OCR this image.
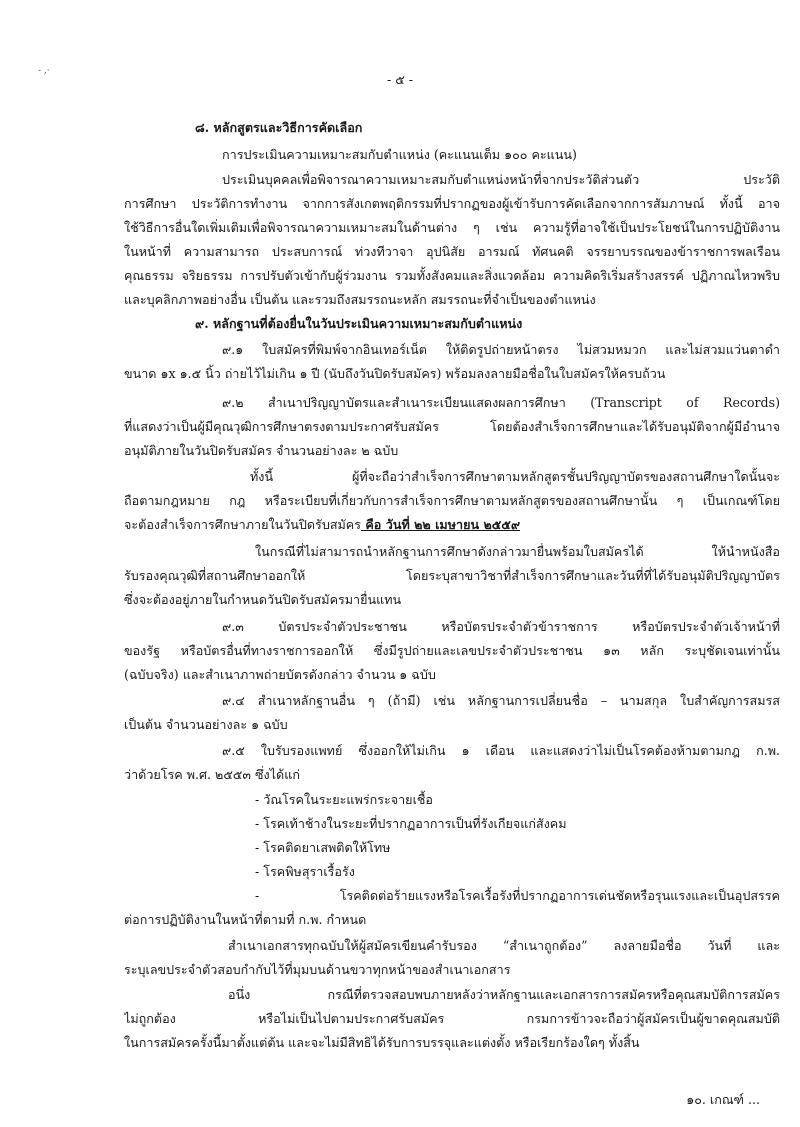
- ,·
- ๕ -
๘. หลักสูตรและวิธีการคัดเลือก
การประเมินความเหมาะสมกับตำแหน่ง (คะแนนเต็ม ๑๐๐ คะแนน)
ประเมินบุคคลเพื่อพิจารณาความเหมาะสมกับตำแหน่งหน้าที่จากประวัติส่วนตัว ประวัติ
การศึกษา ประวัติการทำงาน จากการสังเกตพฤติกรรมที่ปรากฏของผู้เข้ารับการคัดเลือกจากการสัมภาษณ์ ทั้งนี้ อาจ
ใช้วิธีการอื่นใดเพิ่มเติมเพื่อพิจารณาความเหมาะสมในด้านต่าง ๆ เช่น ความรู้ที่อาจใช้เป็นประโยชน์ในการปฏิบัติงาน
ในหน้าที่ ความสามารถ ประสบการณ์ ท่วงทีวาจา อุปนิสัย อารมณ์ ทัศนคติ จรรยาบรรณของข้าราชการพลเรือน
คุณธรรม จริยธรรม การปรับตัวเข้ากับผู้ร่วมงาน รวมทั้งสังคมและสิ่งแวดล้อม ความคิดริเริ่มสร้างสรรค์ ปฏิภาณไหวพริบ
และบุคลิกภาพอย่างอื่น เป็นต้น และรวมถึงสมรรถนะหลัก สมรรถนะที่จำเป็นของตำแหน่ง
๙. หลักฐานที่ต้องยื่นในวันประเมินความเหมาะสมกับตำแหน่ง
๙.๑ ใบสมัครที่พิมพ์จากอินเทอร์เน็ต ให้ติดรูปถ่ายหน้าตรง ไม่สวมหมวก และไม่สวมแว่นตาดำ
ขนาด ๑x ๑.๕ นิ้ว ถ่ายไว้ไม่เกิน ๑ ปี (นับถึงวันปิดรับสมัคร) พร้อมลงลายมือชื่อในใบสมัครให้ครบถ้วน
๙.๒ สำเนาปริญญาบัตรและสำเนาระเบียนแสดงผลการศึกษา (Transcript of Records)
ที่แสดงว่าเป็นผู้มีคุณวุฒิการศึกษาตรงตามประกาศรับสมัคร โดยต้องสำเร็จการศึกษาและได้รับอนุมัติจากผู้มีอำนาจ
อนุมัติภายในวันปิดรับสมัคร จำนวนอย่างละ ๒ ฉบับ
ทั้งนี้ ผู้ที่จะถือว่าสำเร็จการศึกษาตามหลักสูตรชั้นปริญญาบัตรของสถานศึกษาใดนั้นจะ
ถือตามกฎหมาย กฎ หรือระเบียบที่เกี่ยวกับการสำเร็จการศึกษาตามหลักสูตรของสถานศึกษานั้น ๆ เป็นเกณฑ์โดย
จะต้องสำเร็จการศึกษาภายในวันปิดรับสมัคร คือ วันที่ ๒๒ เมษายน ๒๕๕๙
ในกรณีที่ไม่สามารถนำหลักฐานการศึกษาดังกล่าวมายื่นพร้อมใบสมัครได้ ให้นำหนังสือ
รับรองคุณวุฒิที่สถานศึกษาออกให้ โดยระบุสาขาวิชาที่สำเร็จการศึกษาและวันที่ที่ได้รับอนุมัติปริญญาบัตร
ซึ่งจะต้องอยู่ภายในกำหนดวันปิดรับสมัครมายื่นแทน
๙.๓ บัตรประจำตัวประชาชน หรือบัตรประจำตัวข้าราชการ หรือบัตรประจำตัวเจ้าหน้าที่
ของรัฐ หรือบัตรอื่นที่ทางราชการออกให้ ซึ่งมีรูปถ่ายและเลขประจำตัวประชาชน ๑๓ หลัก ระบุชัดเจนเท่านั้น
(ฉบับจริง) และสำเนาภาพถ่ายบัตรดังกล่าว จำนวน ๑ ฉบับ
๙.๔ สำเนาหลักฐานอื่น ๆ (ถ้ามี) เช่น หลักฐานการเปลี่ยนชื่อ – นามสกุล ใบสำคัญการสมรส
เป็นต้น จำนวนอย่างละ ๑ ฉบับ
๙.๕ ใบรับรองแพทย์ ซึ่งออกให้ไม่เกิน ๑ เดือน และแสดงว่าไม่เป็นโรคต้องห้ามตามกฎ ก.พ.
ว่าด้วยโรค พ.ศ. ๒๕๕๓ ซึ่งได้แก่
- วัณโรคในระยะแพร่กระจายเชื้อ
- โรคเท้าช้างในระยะที่ปรากฏอาการเป็นที่รังเกียจแก่สังคม
- โรคติดยาเสพติดให้โทษ
- โรคพิษสุราเรื้อรัง
- โรคติดต่อร้ายแรงหรือโรคเรื้อรังที่ปรากฏอาการเด่นชัดหรือรุนแรงและเป็นอุปสรรค
ต่อการปฏิบัติงานในหน้าที่ตามที่ ก.พ. กำหนด
สำเนาเอกสารทุกฉบับให้ผู้สมัครเขียนคำรับรอง “สำเนาถูกต้อง” ลงลายมือชื่อ วันที่ และ
ระบุเลขประจำตัวสอบกำกับไว้ที่มุมบนด้านขวาทุกหน้าของสำเนาเอกสาร
อนึ่ง กรณีที่ตรวจสอบพบภายหลังว่าหลักฐานและเอกสารการสมัครหรือคุณสมบัติการสมัคร
ไม่ถูกต้อง หรือไม่เป็นไปตามประกาศรับสมัคร กรมการข้าวจะถือว่าผู้สมัครเป็นผู้ขาดคุณสมบัติ
ในการสมัครครั้งนี้มาตั้งแต่ต้น และจะไม่มีสิทธิได้รับการบรรจุและแต่งตั้ง หรือเรียกร้องใดๆ ทั้งสิ้น
๑๐. เกณฑ์ ...
